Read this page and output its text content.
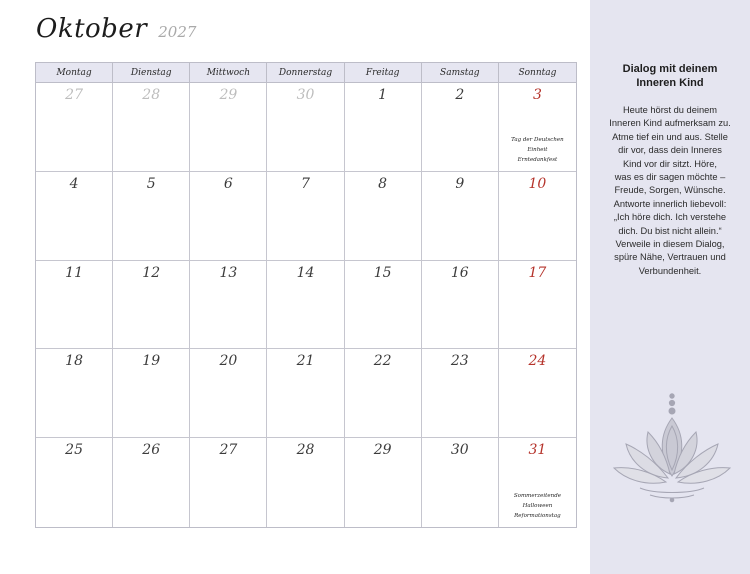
Oktober 2027
Montag	Dienstag	Mittwoch	Donnerstag	Freitag	Samstag	Sonntag
27	28	29	30	1	2	3
Tag der Deutschen Einheit
Erntedankfest
4	5	6	7	8	9	10
11	12	13	14	15	16	17
18	19	20	21	22	23	24
25	26	27	28	29	30	31
Sommerzeitende
Halloween
Reformationstag
Dialog mit deinem
Inneren Kind
Heute hörst du deinem
Inneren Kind aufmerksam zu.
Atme tief ein und aus. Stelle
dir vor, dass dein Inneres
Kind vor dir sitzt. Höre,
was es dir sagen möchte –
Freude, Sorgen, Wünsche.
Antworte innerlich liebevoll:
„Ich höre dich. Ich verstehe
dich. Du bist nicht allein.“
Verweile in diesem Dialog,
spüre Nähe, Vertrauen und
Verbundenheit.
